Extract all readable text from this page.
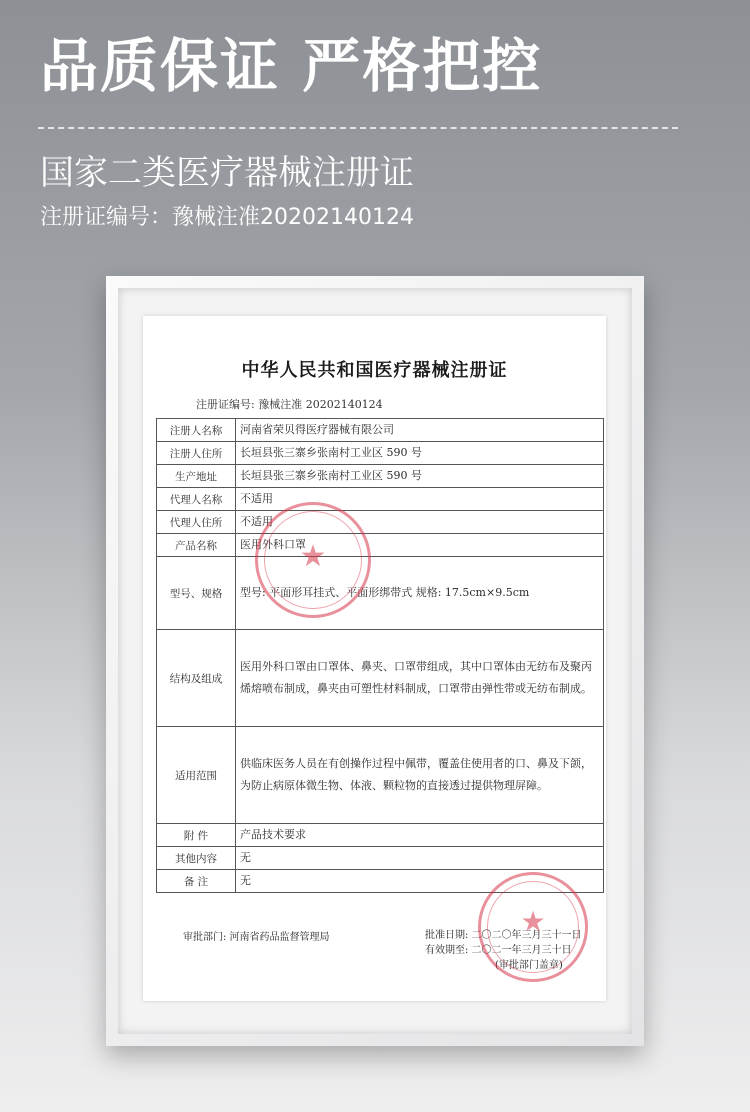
品质保证 严格把控
国家二类医疗器械注册证
注册证编号：豫械注准20202140124
中华人民共和国医疗器械注册证
注册证编号: 豫械注准 20202140124
注册人名称	河南省荣贝得医疗器械有限公司
注册人住所	长垣县张三寨乡张南村工业区 590 号
生产地址	长垣县张三寨乡张南村工业区 590 号
代理人名称	不适用
代理人住所	不适用
产品名称	医用外科口罩
型号、规格	型号: 平面形耳挂式、平面形绑带式 规格: 17.5cm×9.5cm
结构及组成	医用外科口罩由口罩体、鼻夹、口罩带组成，其中口罩体由无纺布及聚丙烯熔喷布制成，鼻夹由可塑性材料制成，口罩带由弹性带或无纺布制成。
适用范围	供临床医务人员在有创操作过程中佩带，覆盖住使用者的口、鼻及下颌，为防止病原体微生物、体液、颗粒物的直接透过提供物理屏障。
附 件	产品技术要求
其他内容	无
备 注	无
审批部门: 河南省药品监督管理局	批准日期: 二〇二〇年三月三十一日
有效期至: 二〇二一年三月三十日

(审批部门盖章)
★
★
